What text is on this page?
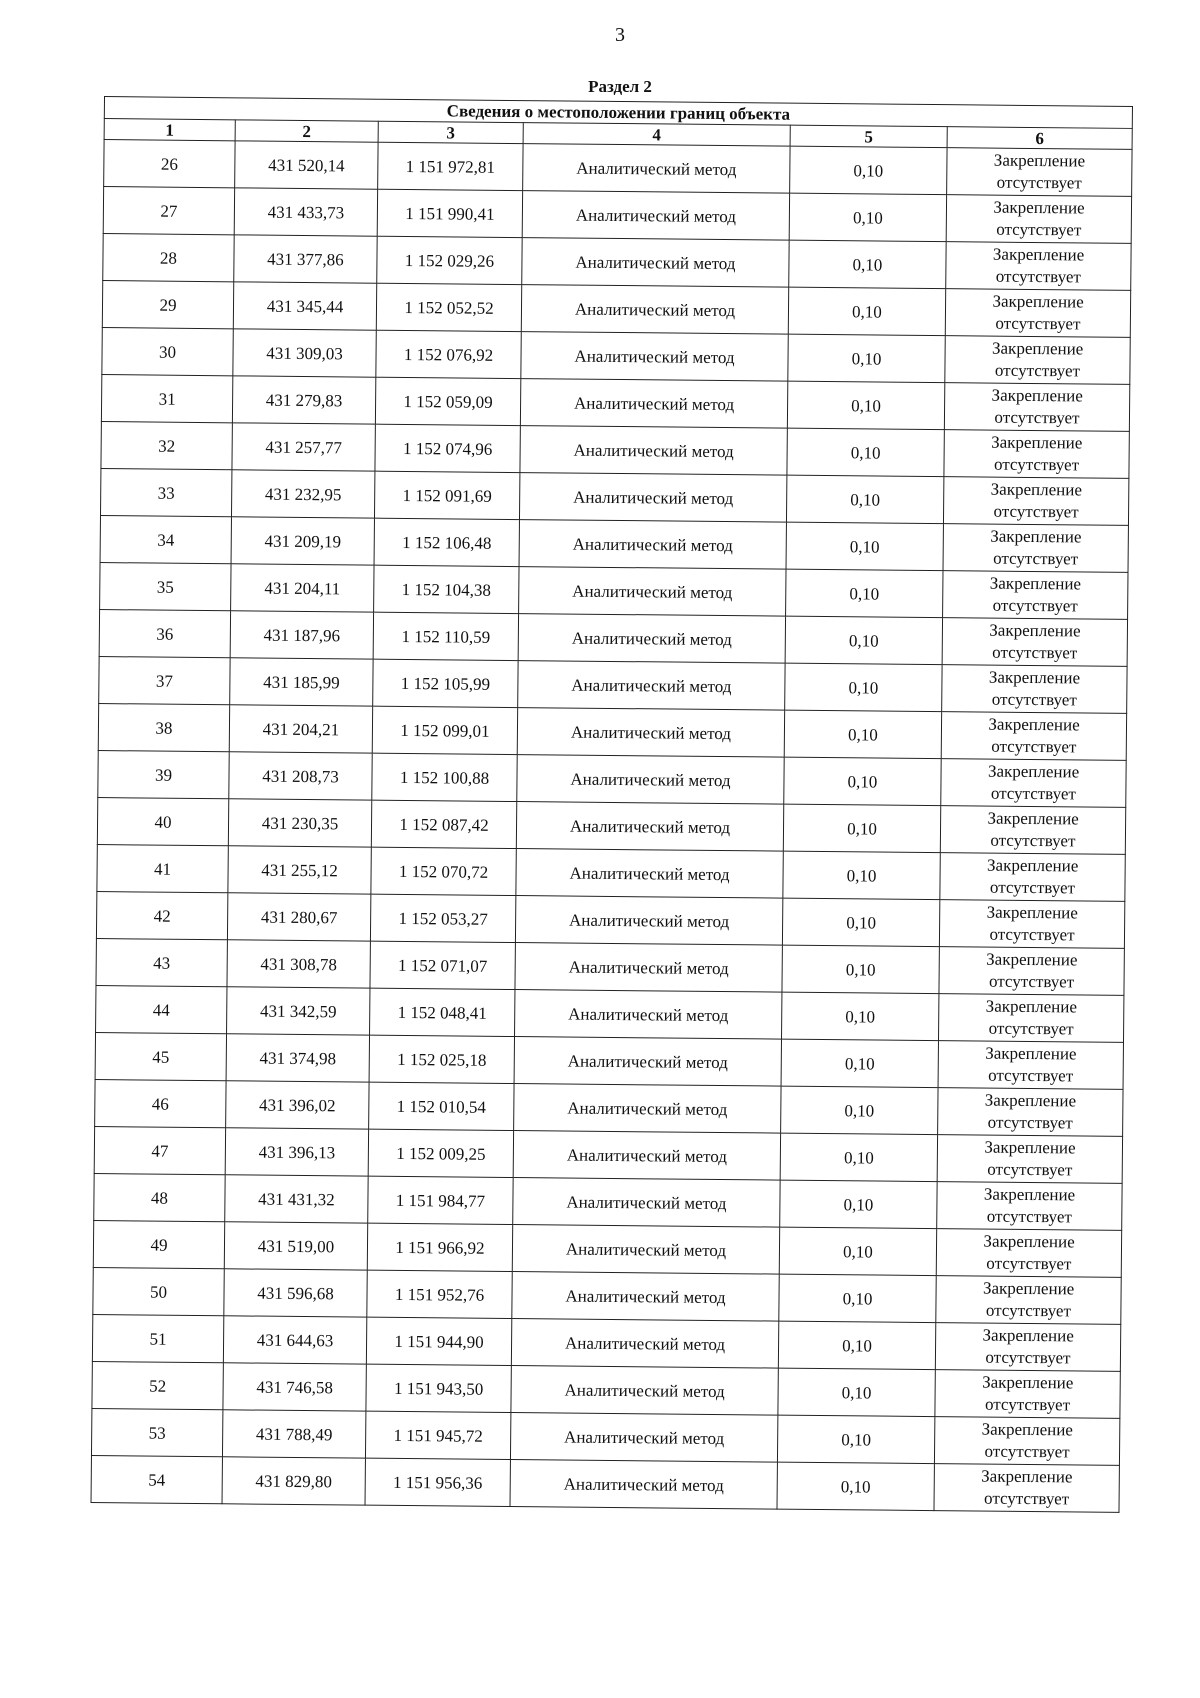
3
Раздел 2
Сведения о местоположении границ объекта					
1	2	3	4	5	6
26	431 520,14	1 151 972,81	Аналитический метод	0,10	Закрепление
отсутствует

27	431 433,73	1 151 990,41	Аналитический метод	0,10	Закрепление
отсутствует

28	431 377,86	1 152 029,26	Аналитический метод	0,10	Закрепление
отсутствует

29	431 345,44	1 152 052,52	Аналитический метод	0,10	Закрепление
отсутствует

30	431 309,03	1 152 076,92	Аналитический метод	0,10	Закрепление
отсутствует

31	431 279,83	1 152 059,09	Аналитический метод	0,10	Закрепление
отсутствует

32	431 257,77	1 152 074,96	Аналитический метод	0,10	Закрепление
отсутствует

33	431 232,95	1 152 091,69	Аналитический метод	0,10	Закрепление
отсутствует

34	431 209,19	1 152 106,48	Аналитический метод	0,10	Закрепление
отсутствует

35	431 204,11	1 152 104,38	Аналитический метод	0,10	Закрепление
отсутствует

36	431 187,96	1 152 110,59	Аналитический метод	0,10	Закрепление
отсутствует

37	431 185,99	1 152 105,99	Аналитический метод	0,10	Закрепление
отсутствует

38	431 204,21	1 152 099,01	Аналитический метод	0,10	Закрепление
отсутствует

39	431 208,73	1 152 100,88	Аналитический метод	0,10	Закрепление
отсутствует

40	431 230,35	1 152 087,42	Аналитический метод	0,10	Закрепление
отсутствует

41	431 255,12	1 152 070,72	Аналитический метод	0,10	Закрепление
отсутствует

42	431 280,67	1 152 053,27	Аналитический метод	0,10	Закрепление
отсутствует

43	431 308,78	1 152 071,07	Аналитический метод	0,10	Закрепление
отсутствует

44	431 342,59	1 152 048,41	Аналитический метод	0,10	Закрепление
отсутствует

45	431 374,98	1 152 025,18	Аналитический метод	0,10	Закрепление
отсутствует

46	431 396,02	1 152 010,54	Аналитический метод	0,10	Закрепление
отсутствует

47	431 396,13	1 152 009,25	Аналитический метод	0,10	Закрепление
отсутствует

48	431 431,32	1 151 984,77	Аналитический метод	0,10	Закрепление
отсутствует

49	431 519,00	1 151 966,92	Аналитический метод	0,10	Закрепление
отсутствует

50	431 596,68	1 151 952,76	Аналитический метод	0,10	Закрепление
отсутствует

51	431 644,63	1 151 944,90	Аналитический метод	0,10	Закрепление
отсутствует

52	431 746,58	1 151 943,50	Аналитический метод	0,10	Закрепление
отсутствует

53	431 788,49	1 151 945,72	Аналитический метод	0,10	Закрепление
отсутствует

54	431 829,80	1 151 956,36	Аналитический метод	0,10	Закрепление
отсутствует
